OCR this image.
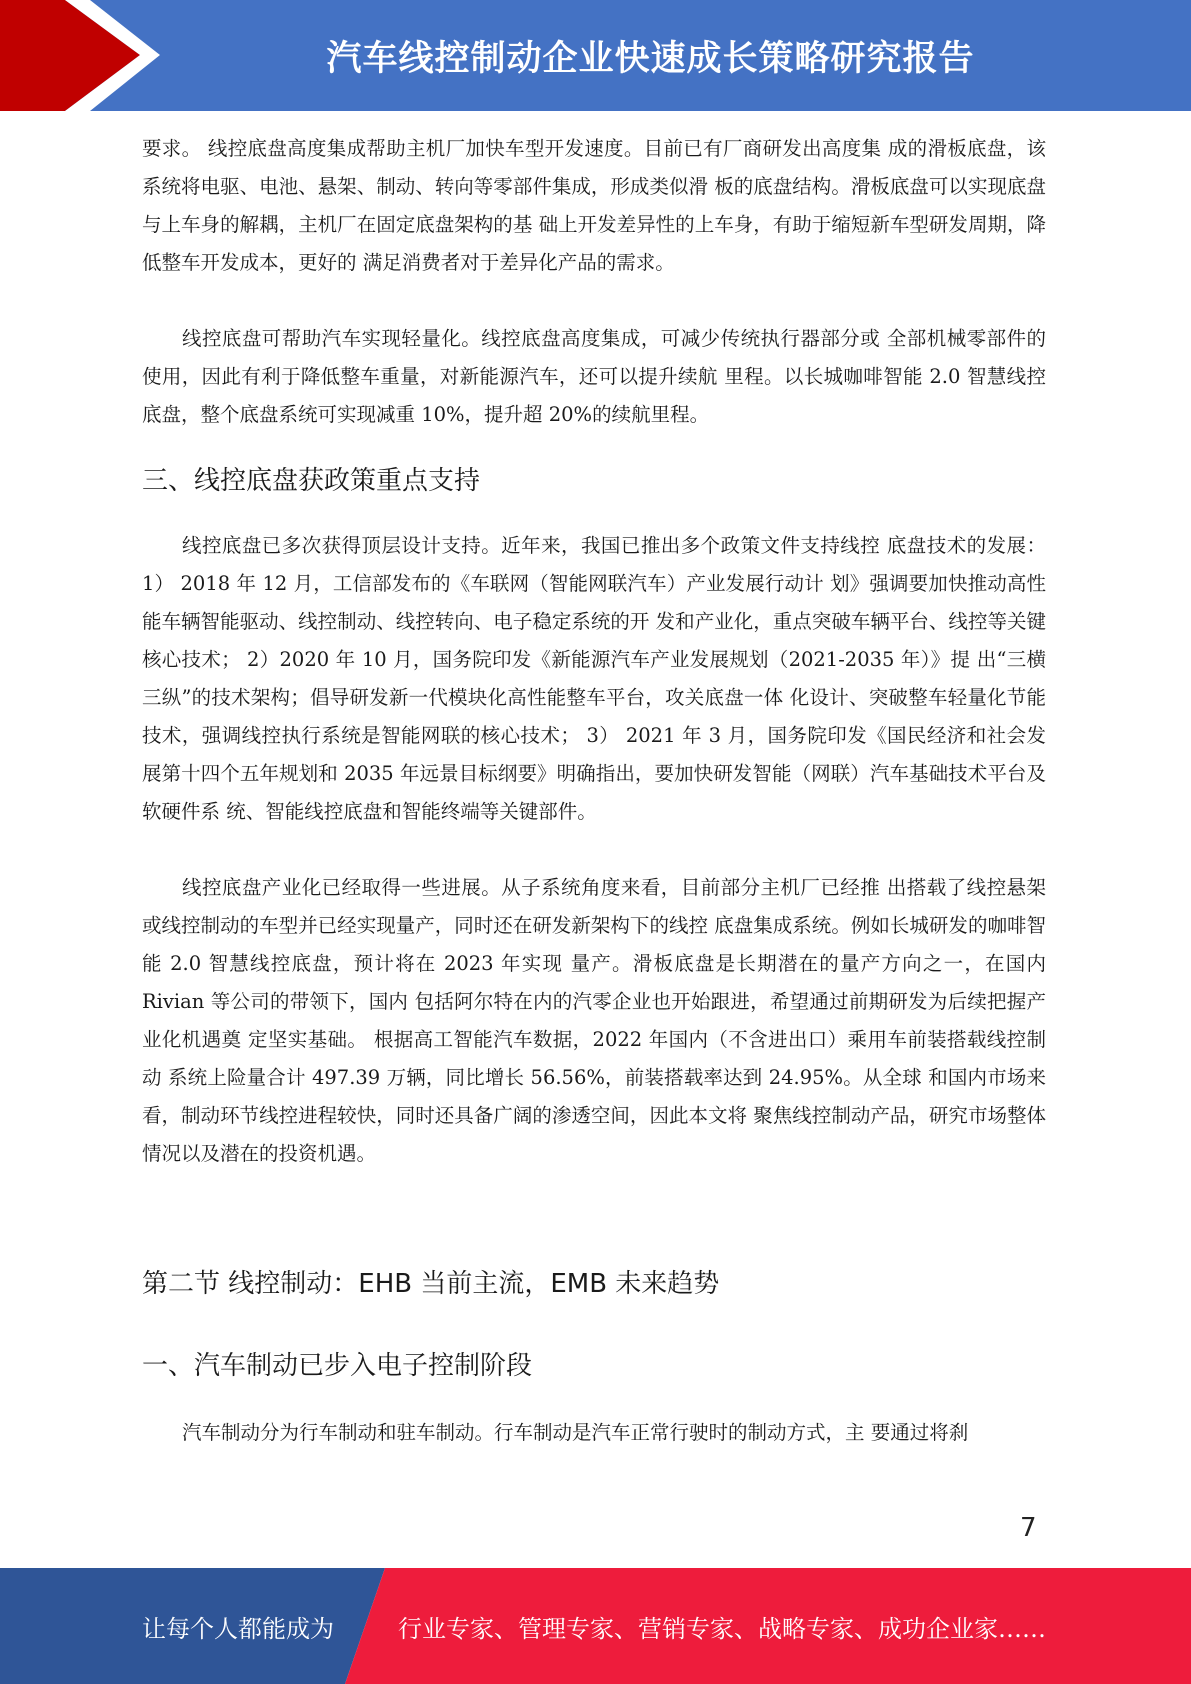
汽车线控制动企业快速成长策略研究报告

要求。 线控底盘高度集成帮助主机厂加快车型开发速度。目前已有厂商研发出高度集 成的滑板底盘，该系统将电驱、电池、悬架、制动、转向等零部件集成，形成类似滑 板的底盘结构。滑板底盘可以实现底盘与上车身的解耦，主机厂在固定底盘架构的基 础上开发差异性的上车身，有助于缩短新车型研发周期，降低整车开发成本，更好的 满足消费者对于差异化产品的需求。

线控底盘可帮助汽车实现轻量化。线控底盘高度集成，可减少传统执行器部分或 全部机械零部件的使用，因此有利于降低整车重量，对新能源汽车，还可以提升续航 里程。以长城咖啡智能 2.0 智慧线控底盘，整个底盘系统可实现减重 10%，提升超 20%的续航里程。

三、线控底盘获政策重点支持

线控底盘已多次获得顶层设计支持。近年来，我国已推出多个政策文件支持线控 底盘技术的发展： 1） 2018 年 12 月，工信部发布的《车联网（智能网联汽车）产业发展行动计 划》强调要加快推动高性能车辆智能驱动、线控制动、线控转向、电子稳定系统的开 发和产业化，重点突破车辆平台、线控等关键核心技术； 2）2020 年 10 月，国务院印发《新能源汽车产业发展规划（2021-2035 年）》提 出“三横三纵”的技术架构；倡导研发新一代模块化高性能整车平台，攻关底盘一体 化设计、突破整车轻量化节能技术，强调线控执行系统是智能网联的核心技术； 3） 2021 年 3 月，国务院印发《国民经济和社会发展第十四个五年规划和 2035 年远景目标纲要》明确指出，要加快研发智能（网联）汽车基础技术平台及软硬件系 统、智能线控底盘和智能终端等关键部件。

线控底盘产业化已经取得一些进展。从子系统角度来看，目前部分主机厂已经推 出搭载了线控悬架或线控制动的车型并已经实现量产，同时还在研发新架构下的线控 底盘集成系统。例如长城研发的咖啡智能 2.0 智慧线控底盘，预计将在 2023 年实现 量产。滑板底盘是长期潜在的量产方向之一，在国内 Rivian 等公司的带领下，国内 包括阿尔特在内的汽零企业也开始跟进，希望通过前期研发为后续把握产业化机遇奠 定坚实基础。 根据高工智能汽车数据，2022 年国内（不含进出口）乘用车前装搭载线控制动 系统上险量合计 497.39 万辆，同比增长 56.56%，前装搭载率达到 24.95%。从全球 和国内市场来看，制动环节线控进程较快，同时还具备广阔的渗透空间，因此本文将 聚焦线控制动产品，研究市场整体情况以及潜在的投资机遇。

第二节 线控制动：EHB 当前主流，EMB 未来趋势
一、汽车制动已步入电子控制阶段

汽车制动分为行车制动和驻车制动。行车制动是汽车正常行驶时的制动方式，主 要通过将刹

7
让每个人都能成为	行业专家、管理专家、营销专家、战略专家、成功企业家……
